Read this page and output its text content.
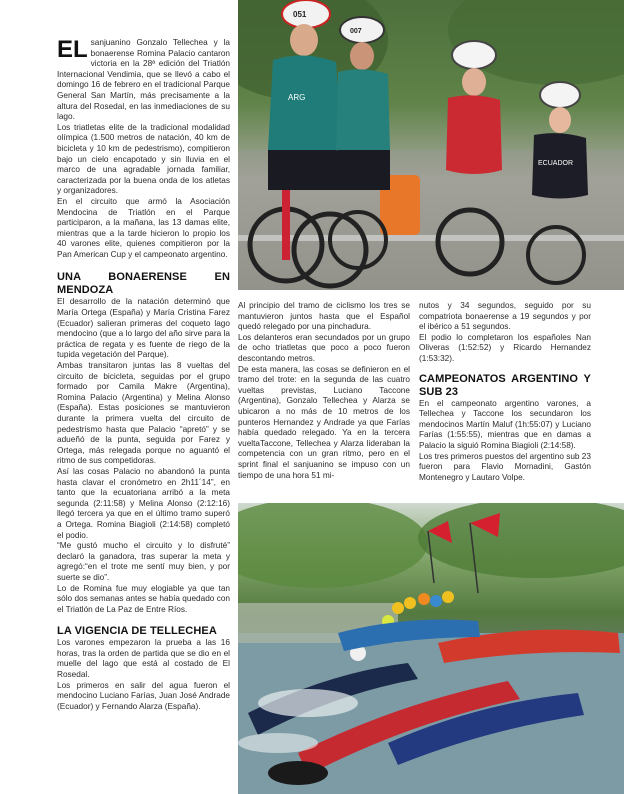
EL sanjuanino Gonzalo Tellechea y la bonaerense Romina Palacio cantaron victoria en la 28ª edición del Triatlón Internacional Vendimia, que se llevó a cabo el domingo 16 de febrero en el tradicional Parque General San Martín, más precisamente a la altura del Rosedal, en las inmediaciones de su lago.

Los triatletas elite de la tradicional modalidad olímpica (1.500 metros de natación, 40 km de bicicleta y 10 km de pedestrismo), compitieron bajo un cielo encapotado y sin lluvia en el marco de una agradable jornada familiar, caracterizada por la buena onda de los atletas y organizadores.

En el circuito que armó la Asociación Mendocina de Triatlón en el Parque participaron, a la mañana, las 13 damas elite, mientras que a la tarde hicieron lo propio los 40 varones elite, quienes compitieron por la Pan American Cup y el campeonato argentino.

UNA BONAERENSE EN MENDOZA

El desarrollo de la natación determinó que María Ortega (España) y María Cristina Farez (Ecuador) salieran primeras del coqueto lago mendocino (que a lo largo del año sirve para la práctica de regata y es fuente de riego de la tupida vegetación del Parque).

Ambas transitaron juntas las 8 vueltas del circuito de bicicleta, seguidas por el grupo formado por Camila Makre (Argentina), Romina Palacio (Argentina) y Melina Alonso (España). Estas posiciones se mantuvieron durante la primera vuelta del circuito de pedestrismo hasta que Palacio “apretó” y se adueñó de la punta, seguida por Farez y Ortega, más relegada porque no aguantó el ritmo de sus competidoras.

Así las cosas Palacio no abandonó la punta hasta clavar el cronómetro en 2h11´14”, en tanto que la ecuatoriana arribó a la meta segunda (2:11:58) y Melina Alonso (2:12:16) llegó tercera ya que en el último tramo superó a Ortega. Romina Biagioli (2:14:58) completó el podio.

“Me gustó mucho el circuito y lo disfruté” declaró la ganadora, tras superar la meta y agregó:“en el trote me sentí muy bien, y por suerte se dio”.

Lo de Romina fue muy elogiable ya que tan sólo dos semanas antes se había quedado con el Triatlón de La Paz de Entre Ríos.

LA VIGENCIA DE TELLECHEA

Los varones empezaron la prueba a las 16 horas, tras la orden de partida que se dio en el muelle del lago que está al costado de El Rosedal.

Los primeros en salir del agua fueron el mendocino Luciano Farías, Juan José Andrade (Ecuador) y Fernando Alarza (España).

Al principio del tramo de ciclismo los tres se mantuvieron juntos hasta que el Español quedó relegado por una pinchadura.

Los delanteros eran secundados por un grupo de ocho triatletas que poco a poco fueron descontando metros.

De esta manera, las cosas se definieron en el tramo del trote: en la segunda de las cuatro vueltas previstas, Luciano Taccone (Argentina), Gonzalo Tellechea y Alarza se ubicaron a no más de 10 metros de los punteros Hernandez y Andrade ya que Farías había quedado relegado. Ya en la tercera vueltaTaccone, Tellechea y Alarza lideraban la competencia con un gran ritmo, pero en el sprint final el sanjuanino se impuso con un tiempo de una hora 51 mi-

nutos y 34 segundos, seguido por su compatriota bonaerense a 19 segundos y por el ibérico a 51 segundos.

El podio lo completaron los españoles Nan Oliveras (1:52:52) y Ricardo Hernandez (1:53:32).

CAMPEONATOS ARGENTINO Y SUB 23

En el campeonato argentino varones, a Tellechea y Taccone los secundaron los mendocinos Martín Maluf (1h:55:07) y Luciano Farías (1:55:55), mientras que en damas a Palacio la siguió Romina Biagioli (2:14:58).

Los tres primeros puestos del argentino sub 23 fueron para Flavio Mornadini, Gastón Montenegro y Lautaro Volpe.

051
ARG
007
ECUADOR
